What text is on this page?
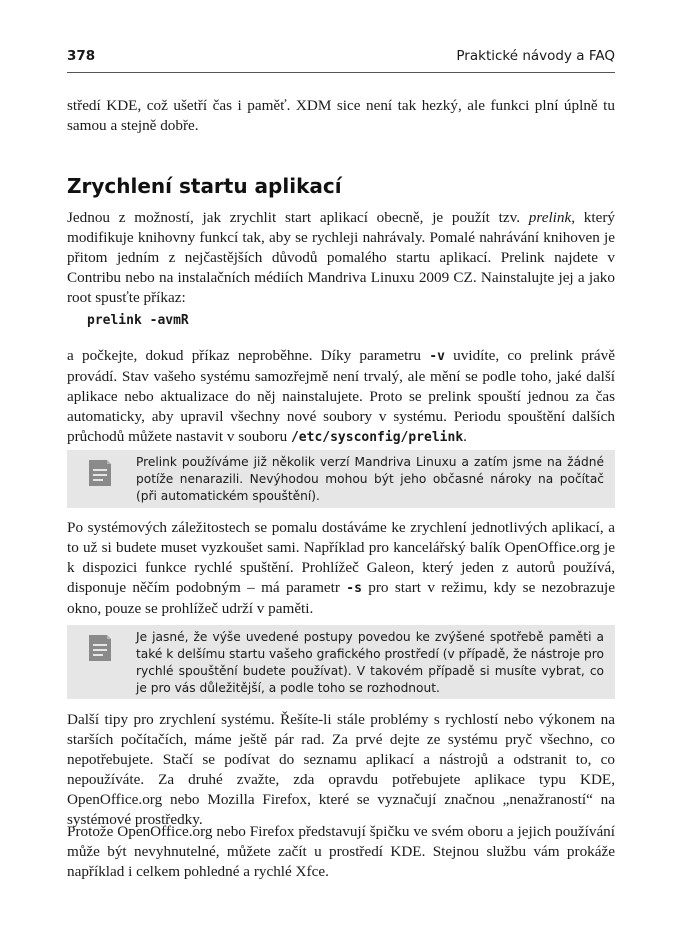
378	Praktické návody a FAQ

středí KDE, což ušetří čas i paměť. XDM sice není tak hezký, ale funkci plní úplně tu samou a stejně dobře.

Zrychlení startu aplikací

Jednou z možností, jak zrychlit start aplikací obecně, je použít tzv. prelink, který modifikuje knihovny funkcí tak, aby se rychleji nahrávaly. Pomalé nahrávání knihoven je přitom jedním z nejčastějších důvodů pomalého startu aplikací. Prelink najdete v Contribu nebo na instalačních médiích Mandriva Linuxu 2009 CZ. Nainstalujte jej a jako root spusťte příkaz:

prelink -avmR

a počkejte, dokud příkaz neproběhne. Díky parametru -v uvidíte, co prelink právě provádí. Stav vašeho systému samozřejmě není trvalý, ale mění se podle toho, jaké další aplikace nebo aktualizace do něj nainstalujete. Proto se prelink spouští jednou za čas automaticky, aby upravil všechny nové soubory v systému. Periodu spouštění dalších průchodů můžete nastavit v souboru /etc/sysconfig/prelink.

Prelink používáme již několik verzí Mandriva Linuxu a zatím jsme na žádné potíže nenarazili. Nevýhodou mohou být jeho občasné nároky na počítač (při automatickém spouštění).

Po systémových záležitostech se pomalu dostáváme ke zrychlení jednotlivých aplikací, a to už si budete muset vyzkoušet sami. Například pro kancelářský balík OpenOffice.org je k dispozici funkce rychlé spuštění. Prohlížeč Galeon, který jeden z autorů používá, disponuje něčím podobným – má parametr -s pro start v režimu, kdy se nezobrazuje okno, pouze se prohlížeč udrží v paměti.

Je jasné, že výše uvedené postupy povedou ke zvýšené spotřebě paměti a také k delšímu startu vašeho grafického prostředí (v případě, že nástroje pro rychlé spouštění budete používat). V takovém případě si musíte vybrat, co je pro vás důležitější, a podle toho se rozhodnout.

Další tipy pro zrychlení systému. Řešíte-li stále problémy s rychlostí nebo výkonem na starších počítačích, máme ještě pár rad. Za prvé dejte ze systému pryč všechno, co nepotřebujete. Stačí se podívat do seznamu aplikací a nástrojů a odstranit to, co nepoužíváte. Za druhé zvažte, zda opravdu potřebujete aplikace typu KDE, OpenOffice.org nebo Mozilla Firefox, které se vyznačují značnou „nenažraností“ na systémové prostředky.

Protože OpenOffice.org nebo Firefox představují špičku ve svém oboru a jejich používání může být nevyhnutelné, můžete začít u prostředí KDE. Stejnou službu vám prokáže například i celkem pohledné a rychlé Xfce.
